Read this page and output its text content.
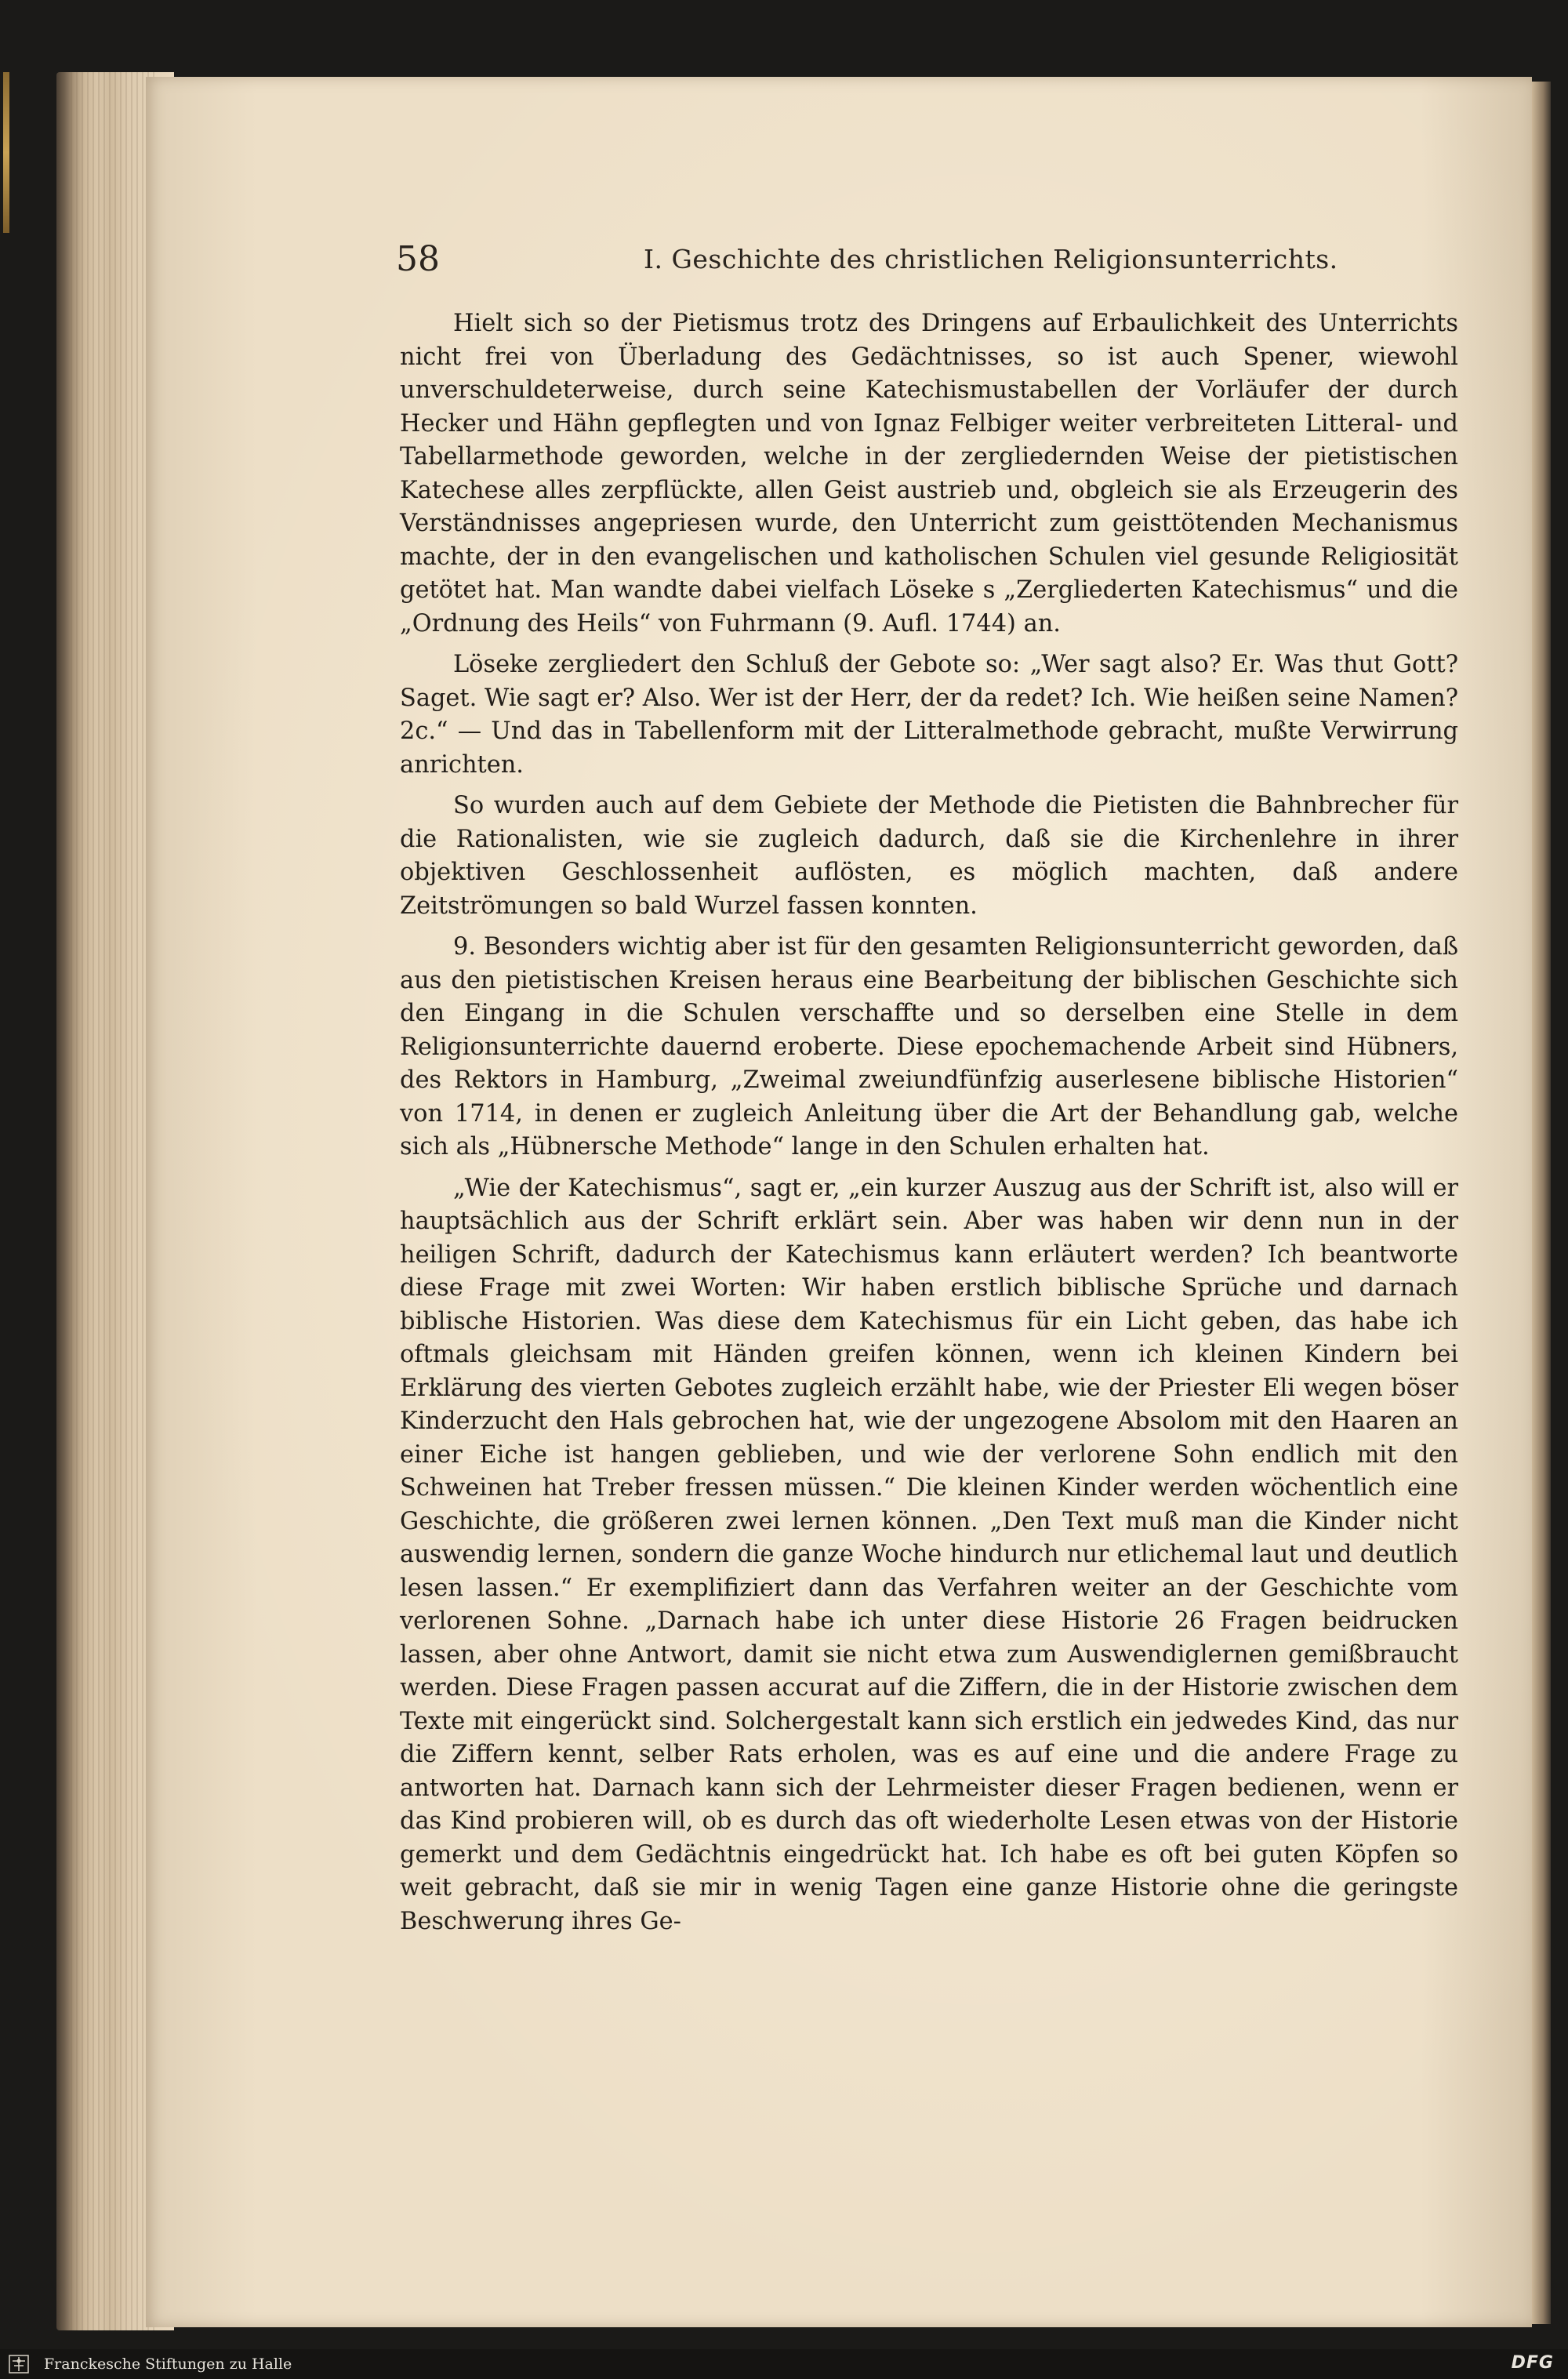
58	I. Geschichte des christlichen Religionsunterrichts.

Hielt sich so der Pietismus trotz des Dringens auf Erbaulichkeit des Unterrichts nicht frei von Überladung des Gedächtnisses, so ist auch Spener, wiewohl unverschuldeterweise, durch seine Katechismustabellen der Vorläufer der durch Hecker und Hähn gepflegten und von Ignaz Felbiger weiter verbreiteten Litteral- und Tabellarmethode geworden, welche in der zergliedernden Weise der pietistischen Katechese alles zerpflückte, allen Geist austrieb und, obgleich sie als Erzeugerin des Verständnisses angepriesen wurde, den Unterricht zum geisttötenden Mechanismus machte, der in den evangelischen und katholischen Schulen viel gesunde Religiosität getötet hat. Man wandte dabei vielfach Löseke s „Zergliederten Katechismus“ und die „Ordnung des Heils“ von Fuhrmann (9. Aufl. 1744) an.

Löseke zergliedert den Schluß der Gebote so: „Wer sagt also? Er. Was thut Gott? Saget. Wie sagt er? Also. Wer ist der Herr, der da redet? Ich. Wie heißen seine Namen? 2c.“ — Und das in Tabellenform mit der Litteralmethode gebracht, mußte Verwirrung anrichten.

So wurden auch auf dem Gebiete der Methode die Pietisten die Bahnbrecher für die Rationalisten, wie sie zugleich dadurch, daß sie die Kirchenlehre in ihrer objektiven Geschlossenheit auflösten, es möglich machten, daß andere Zeitströmungen so bald Wurzel fassen konnten.

9. Besonders wichtig aber ist für den gesamten Religionsunterricht geworden, daß aus den pietistischen Kreisen heraus eine Bearbeitung der biblischen Geschichte sich den Eingang in die Schulen verschaffte und so derselben eine Stelle in dem Religionsunterrichte dauernd eroberte. Diese epochemachende Arbeit sind Hübners, des Rektors in Hamburg, „Zweimal zweiundfünfzig auserlesene biblische Historien“ von 1714, in denen er zugleich Anleitung über die Art der Behandlung gab, welche sich als „Hübnersche Methode“ lange in den Schulen erhalten hat.

„Wie der Katechismus“, sagt er, „ein kurzer Auszug aus der Schrift ist, also will er hauptsächlich aus der Schrift erklärt sein. Aber was haben wir denn nun in der heiligen Schrift, dadurch der Katechismus kann erläutert werden? Ich beantworte diese Frage mit zwei Worten: Wir haben erstlich biblische Sprüche und darnach biblische Historien. Was diese dem Katechismus für ein Licht geben, das habe ich oftmals gleichsam mit Händen greifen können, wenn ich kleinen Kindern bei Erklärung des vierten Gebotes zugleich erzählt habe, wie der Priester Eli wegen böser Kinderzucht den Hals gebrochen hat, wie der ungezogene Absolom mit den Haaren an einer Eiche ist hangen geblieben, und wie der verlorene Sohn endlich mit den Schweinen hat Treber fressen müssen.“ Die kleinen Kinder werden wöchentlich eine Geschichte, die größeren zwei lernen können. „Den Text muß man die Kinder nicht auswendig lernen, sondern die ganze Woche hindurch nur etlichemal laut und deutlich lesen lassen.“ Er exemplifiziert dann das Verfahren weiter an der Geschichte vom verlorenen Sohne. „Darnach habe ich unter diese Historie 26 Fragen beidrucken lassen, aber ohne Antwort, damit sie nicht etwa zum Auswendiglernen gemißbraucht werden. Diese Fragen passen accurat auf die Ziffern, die in der Historie zwischen dem Texte mit eingerückt sind. Solchergestalt kann sich erstlich ein jedwedes Kind, das nur die Ziffern kennt, selber Rats erholen, was es auf eine und die andere Frage zu antworten hat. Darnach kann sich der Lehrmeister dieser Fragen bedienen, wenn er das Kind probieren will, ob es durch das oft wiederholte Lesen etwas von der Historie gemerkt und dem Gedächtnis eingedrückt hat. Ich habe es oft bei guten Köpfen so weit gebracht, daß sie mir in wenig Tagen eine ganze Historie ohne die geringste Beschwerung ihres Ge-

Franckesche Stiftungen zu Halle	DFG
